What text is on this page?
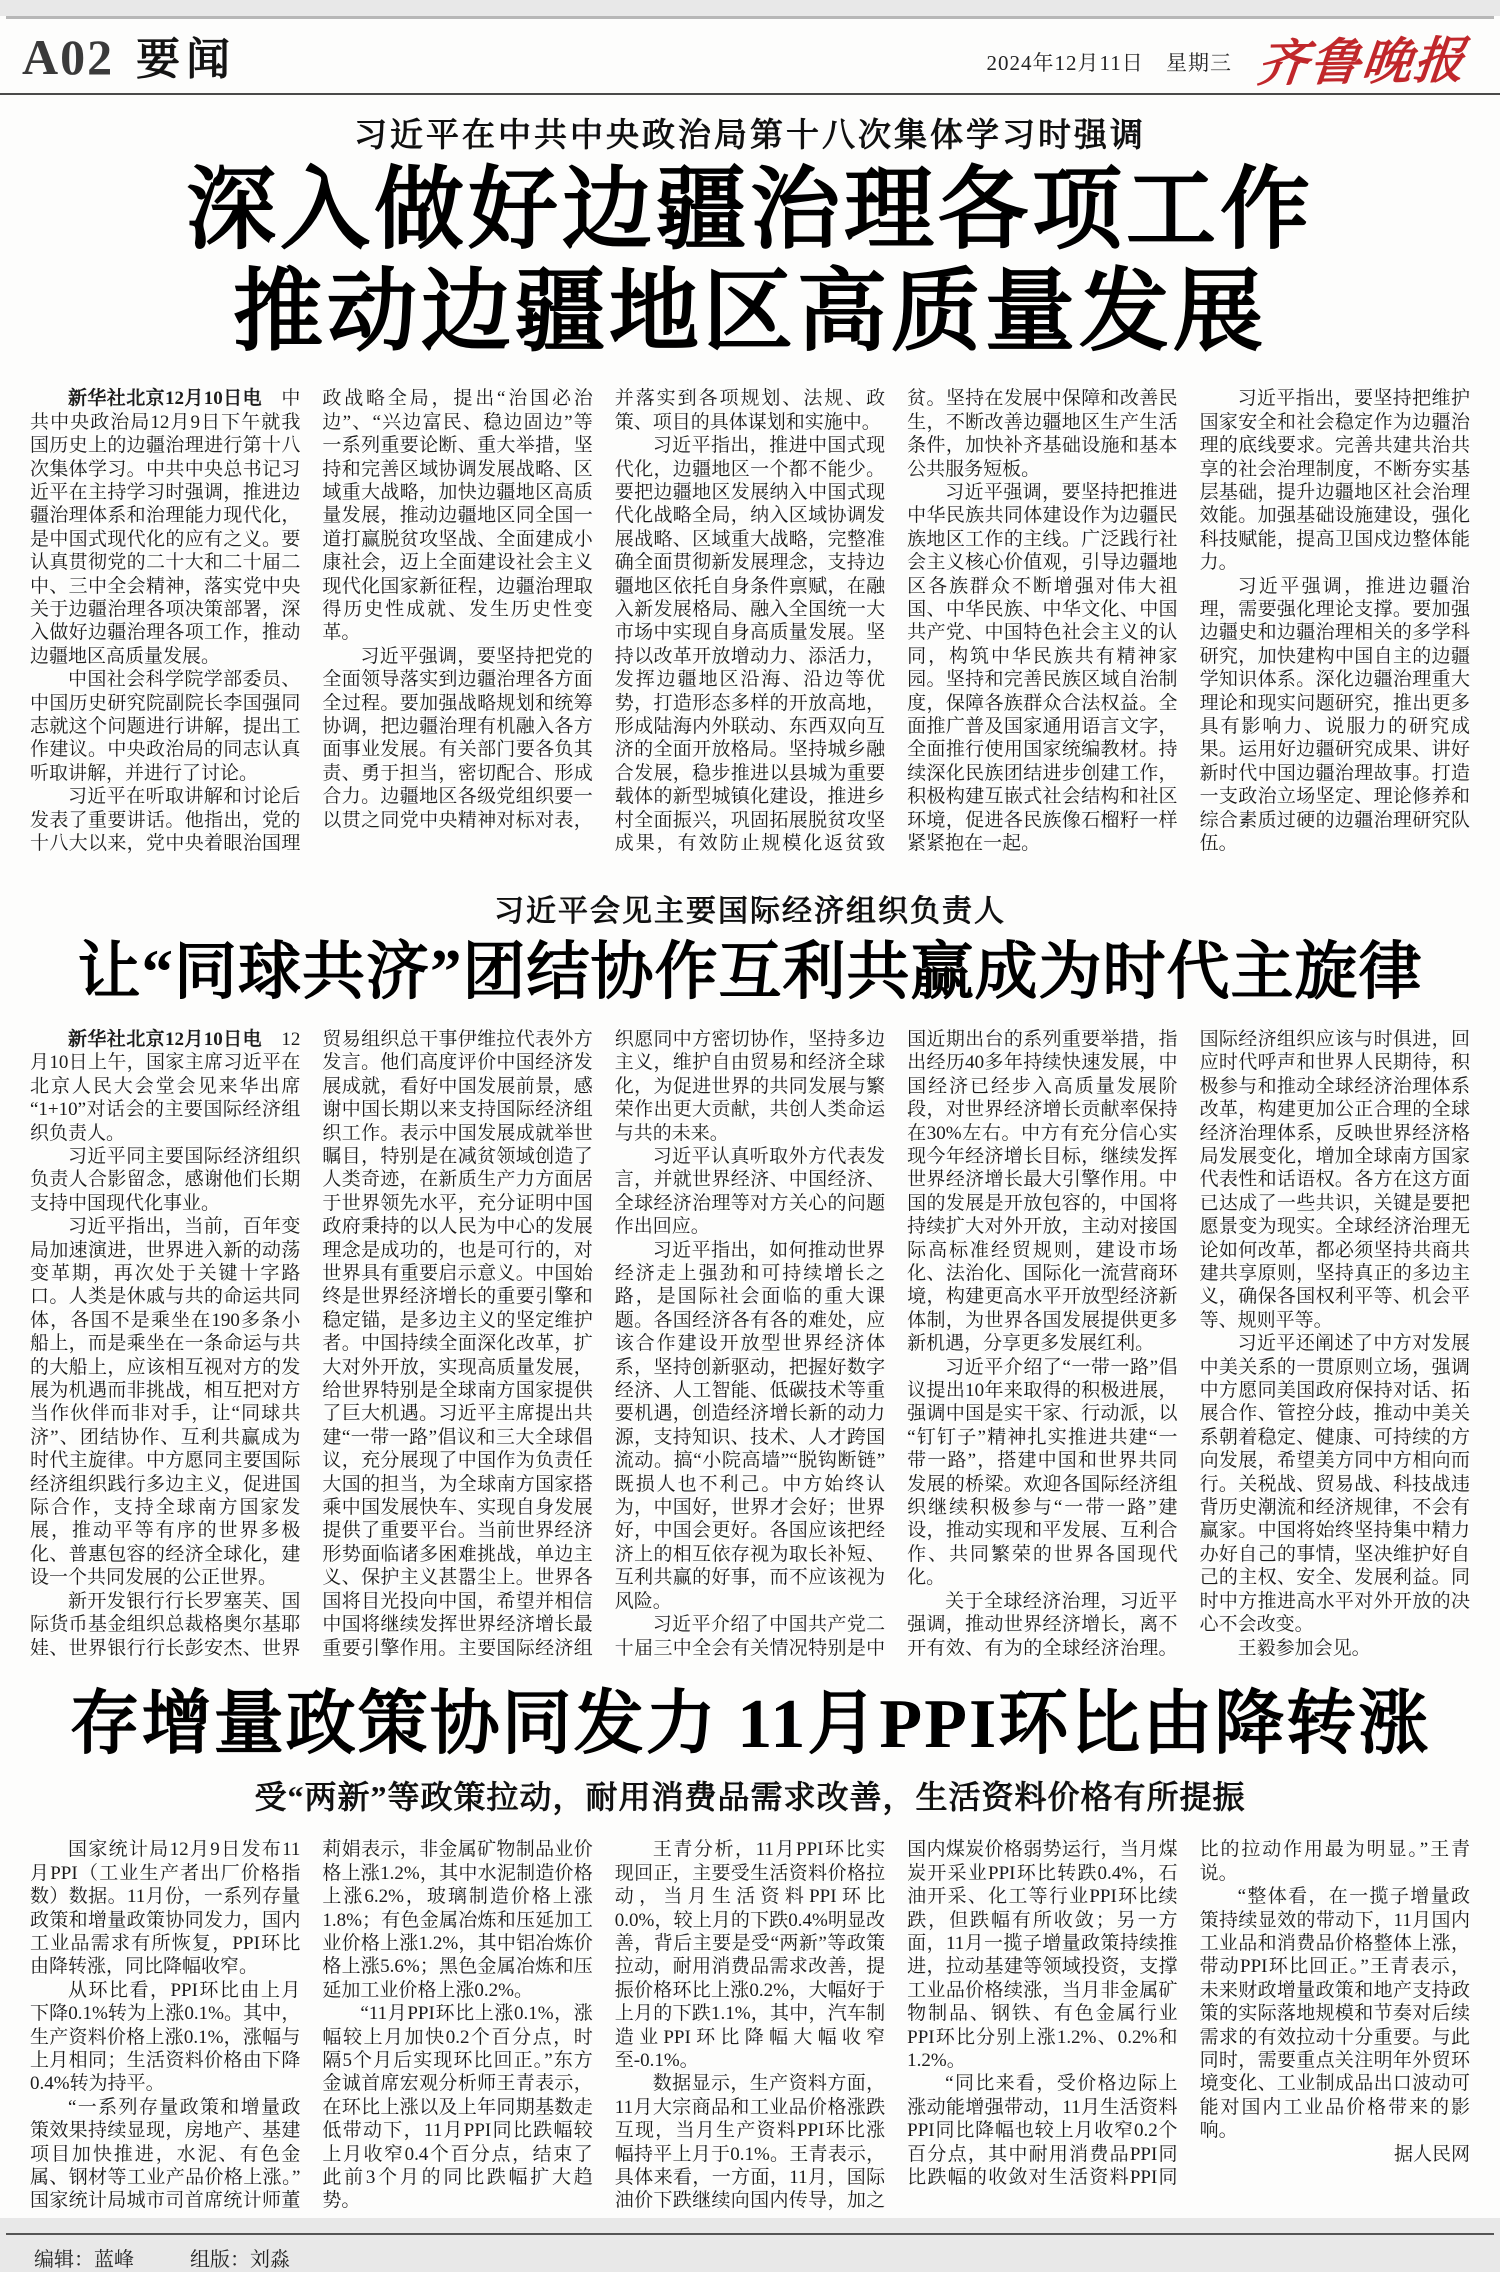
A02 要闻	2024年12月11日 星期三 齐鲁晚报
习近平在中共中央政治局第十八次集体学习时强调
深入做好边疆治理各项工作
推动边疆地区高质量发展

新华社北京12月10日电　中共中央政治局12月9日下午就我国历史上的边疆治理进行第十八次集体学习。中共中央总书记习近平在主持学习时强调，推进边疆治理体系和治理能力现代化，是中国式现代化的应有之义。要认真贯彻党的二十大和二十届二中、三中全会精神，落实党中央关于边疆治理各项决策部署，深入做好边疆治理各项工作，推动边疆地区高质量发展。

中国社会科学院学部委员、中国历史研究院副院长李国强同志就这个问题进行讲解，提出工作建议。中央政治局的同志认真听取讲解，并进行了讨论。

习近平在听取讲解和讨论后发表了重要讲话。他指出，党的十八大以来，党中央着眼治国理政战略全局，提出“治国必治边”、“兴边富民、稳边固边”等一系列重要论断、重大举措，坚持和完善区域协调发展战略、区域重大战略，加快边疆地区高质量发展，推动边疆地区同全国一道打赢脱贫攻坚战、全面建成小康社会，迈上全面建设社会主义现代化国家新征程，边疆治理取得历史性成就、发生历史性变革。

习近平强调，要坚持把党的全面领导落实到边疆治理各方面全过程。要加强战略规划和统筹协调，把边疆治理有机融入各方面事业发展。有关部门要各负其责、勇于担当，密切配合、形成合力。边疆地区各级党组织要一以贯之同党中央精神对标对表，并落实到各项规划、法规、政策、项目的具体谋划和实施中。

习近平指出，推进中国式现代化，边疆地区一个都不能少。要把边疆地区发展纳入中国式现代化战略全局，纳入区域协调发展战略、区域重大战略，完整准确全面贯彻新发展理念，支持边疆地区依托自身条件禀赋，在融入新发展格局、融入全国统一大市场中实现自身高质量发展。坚持以改革开放增动力、添活力，发挥边疆地区沿海、沿边等优势，打造形态多样的开放高地，形成陆海内外联动、东西双向互济的全面开放格局。坚持城乡融合发展，稳步推进以县城为重要载体的新型城镇化建设，推进乡村全面振兴，巩固拓展脱贫攻坚成果，有效防止规模化返贫致贫。坚持在发展中保障和改善民生，不断改善边疆地区生产生活条件，加快补齐基础设施和基本公共服务短板。

习近平强调，要坚持把推进中华民族共同体建设作为边疆民族地区工作的主线。广泛践行社会主义核心价值观，引导边疆地区各族群众不断增强对伟大祖国、中华民族、中华文化、中国共产党、中国特色社会主义的认同，构筑中华民族共有精神家园。坚持和完善民族区域自治制度，保障各族群众合法权益。全面推广普及国家通用语言文字，全面推行使用国家统编教材。持续深化民族团结进步创建工作，积极构建互嵌式社会结构和社区环境，促进各民族像石榴籽一样紧紧抱在一起。

习近平指出，要坚持把维护国家安全和社会稳定作为边疆治理的底线要求。完善共建共治共享的社会治理制度，不断夯实基层基础，提升边疆地区社会治理效能。加强基础设施建设，强化科技赋能，提高卫国戍边整体能力。

习近平强调，推进边疆治理，需要强化理论支撑。要加强边疆史和边疆治理相关的多学科研究，加快建构中国自主的边疆学知识体系。深化边疆治理重大理论和现实问题研究，推出更多具有影响力、说服力的研究成果。运用好边疆研究成果、讲好新时代中国边疆治理故事。打造一支政治立场坚定、理论修养和综合素质过硬的边疆治理研究队伍。

习近平会见主要国际经济组织负责人
让“同球共济”团结协作互利共赢成为时代主旋律

新华社北京12月10日电　12月10日上午，国家主席习近平在北京人民大会堂会见来华出席“1+10”对话会的主要国际经济组织负责人。

习近平同主要国际经济组织负责人合影留念，感谢他们长期支持中国现代化事业。

习近平指出，当前，百年变局加速演进，世界进入新的动荡变革期，再次处于关键十字路口。人类是休戚与共的命运共同体，各国不是乘坐在190多条小船上，而是乘坐在一条命运与共的大船上，应该相互视对方的发展为机遇而非挑战，相互把对方当作伙伴而非对手，让“同球共济”、团结协作、互利共赢成为时代主旋律。中方愿同主要国际经济组织践行多边主义，促进国际合作，支持全球南方国家发展，推动平等有序的世界多极化、普惠包容的经济全球化，建设一个共同发展的公正世界。

新开发银行行长罗塞芙、国际货币基金组织总裁格奥尔基耶娃、世界银行行长彭安杰、世界贸易组织总干事伊维拉代表外方发言。他们高度评价中国经济发展成就，看好中国发展前景，感谢中国长期以来支持国际经济组织工作。表示中国发展成就举世瞩目，特别是在减贫领域创造了人类奇迹，在新质生产力方面居于世界领先水平，充分证明中国政府秉持的以人民为中心的发展理念是成功的，也是可行的，对世界具有重要启示意义。中国始终是世界经济增长的重要引擎和稳定锚，是多边主义的坚定维护者。中国持续全面深化改革，扩大对外开放，实现高质量发展，给世界特别是全球南方国家提供了巨大机遇。习近平主席提出共建“一带一路”倡议和三大全球倡议，充分展现了中国作为负责任大国的担当，为全球南方国家搭乘中国发展快车、实现自身发展提供了重要平台。当前世界经济形势面临诸多困难挑战，单边主义、保护主义甚嚣尘上。世界各国将目光投向中国，希望并相信中国将继续发挥世界经济增长最重要引擎作用。主要国际经济组织愿同中方密切协作，坚持多边主义，维护自由贸易和经济全球化，为促进世界的共同发展与繁荣作出更大贡献，共创人类命运与共的未来。

习近平认真听取外方代表发言，并就世界经济、中国经济、全球经济治理等对方关心的问题作出回应。

习近平指出，如何推动世界经济走上强劲和可持续增长之路，是国际社会面临的重大课题。各国经济各有各的难处，应该合作建设开放型世界经济体系，坚持创新驱动，把握好数字经济、人工智能、低碳技术等重要机遇，创造经济增长新的动力源，支持知识、技术、人才跨国流动。搞“小院高墙”“脱钩断链”既损人也不利己。中方始终认为，中国好，世界才会好；世界好，中国会更好。各国应该把经济上的相互依存视为取长补短、互利共赢的好事，而不应该视为风险。

习近平介绍了中国共产党二十届三中全会有关情况特别是中国近期出台的系列重要举措，指出经历40多年持续快速发展，中国经济已经步入高质量发展阶段，对世界经济增长贡献率保持在30%左右。中方有充分信心实现今年经济增长目标，继续发挥世界经济增长最大引擎作用。中国的发展是开放包容的，中国将持续扩大对外开放，主动对接国际高标准经贸规则，建设市场化、法治化、国际化一流营商环境，构建更高水平开放型经济新体制，为世界各国发展提供更多新机遇，分享更多发展红利。

习近平介绍了“一带一路”倡议提出10年来取得的积极进展，强调中国是实干家、行动派，以“钉钉子”精神扎实推进共建“一带一路”，搭建中国和世界共同发展的桥梁。欢迎各国际经济组织继续积极参与“一带一路”建设，推动实现和平发展、互利合作、共同繁荣的世界各国现代化。

关于全球经济治理，习近平强调，推动世界经济增长，离不开有效、有为的全球经济治理。国际经济组织应该与时俱进，回应时代呼声和世界人民期待，积极参与和推动全球经济治理体系改革，构建更加公正合理的全球经济治理体系，反映世界经济格局发展变化，增加全球南方国家代表性和话语权。各方在这方面已达成了一些共识，关键是要把愿景变为现实。全球经济治理无论如何改革，都必须坚持共商共建共享原则，坚持真正的多边主义，确保各国权利平等、机会平等、规则平等。

习近平还阐述了中方对发展中美关系的一贯原则立场，强调中方愿同美国政府保持对话、拓展合作、管控分歧，推动中美关系朝着稳定、健康、可持续的方向发展，希望美方同中方相向而行。关税战、贸易战、科技战违背历史潮流和经济规律，不会有赢家。中国将始终坚持集中精力办好自己的事情，坚决维护好自己的主权、安全、发展利益。同时中方推进高水平对外开放的决心不会改变。

王毅参加会见。

存增量政策协同发力 11月PPI环比由降转涨
受“两新”等政策拉动，耐用消费品需求改善，生活资料价格有所提振

国家统计局12月9日发布11月PPI（工业生产者出厂价格指数）数据。11月份，一系列存量政策和增量政策协同发力，国内工业品需求有所恢复，PPI环比由降转涨，同比降幅收窄。

从环比看，PPI环比由上月下降0.1%转为上涨0.1%。其中，生产资料价格上涨0.1%，涨幅与上月相同；生活资料价格由下降0.4%转为持平。

“一系列存量政策和增量政策效果持续显现，房地产、基建项目加快推进，水泥、有色金属、钢材等工业产品价格上涨。”国家统计局城市司首席统计师董莉娟表示，非金属矿物制品业价格上涨1.2%，其中水泥制造价格上涨6.2%，玻璃制造价格上涨1.8%；有色金属冶炼和压延加工业价格上涨1.2%，其中铝冶炼价格上涨5.6%；黑色金属冶炼和压延加工业价格上涨0.2%。

“11月PPI环比上涨0.1%，涨幅较上月加快0.2个百分点，时隔5个月后实现环比回正。”东方金诚首席宏观分析师王青表示，在环比上涨以及上年同期基数走低带动下，11月PPI同比跌幅较上月收窄0.4个百分点，结束了此前3个月的同比跌幅扩大趋势。

王青分析，11月PPI环比实现回正，主要受生活资料价格拉动，当月生活资料PPI环比0.0%，较上月的下跌0.4%明显改善，背后主要是受“两新”等政策拉动，耐用消费品需求改善，提振价格环比上涨0.2%，大幅好于上月的下跌1.1%，其中，汽车制造业PPI环比降幅大幅收窄至-0.1%。

数据显示，生产资料方面，11月大宗商品和工业品价格涨跌互现，当月生产资料PPI环比涨幅持平上月于0.1%。王青表示，具体来看，一方面，11月，国际油价下跌继续向国内传导，加之国内煤炭价格弱势运行，当月煤炭开采业PPI环比转跌0.4%，石油开采、化工等行业PPI环比续跌，但跌幅有所收敛；另一方面，11月一揽子增量政策持续推进，拉动基建等领域投资，支撑工业品价格续涨，当月非金属矿物制品、钢铁、有色金属行业PPI环比分别上涨1.2%、0.2%和1.2%。

“同比来看，受价格边际上涨动能增强带动，11月生活资料PPI同比降幅也较上月收窄0.2个百分点，其中耐用消费品PPI同比跌幅的收敛对生活资料PPI同比的拉动作用最为明显。”王青说。

“整体看，在一揽子增量政策持续显效的带动下，11月国内工业品和消费品价格整体上涨，带动PPI环比回正。”王青表示，未来财政增量政策和地产支持政策的实际落地规模和节奏对后续需求的有效拉动十分重要。与此同时，需要重点关注明年外贸环境变化、工业制成品出口波动可能对国内工业品价格带来的影响。

据人民网

编辑：蓝峰	组版：刘淼
